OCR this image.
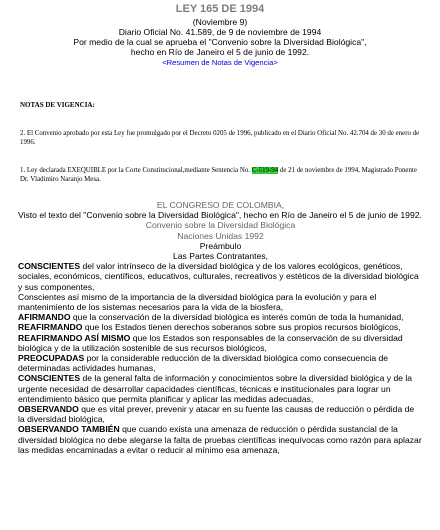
LEY 165 DE 1994
(Noviembre 9)
Diario Oficial No. 41.589, de 9 de noviembre de 1994
Por medio de la cual se aprueba el "Convenio sobre la Diversidad Biológica",
hecho en Río de Janeiro el 5 de junio de 1992.
<Resumen de Notas de Vigencia>
NOTAS DE VIGENCIA:
2. El Convenio aprobado por esta Ley fue promulgado por el Decreto 0205 de 1996, publicado en el Diario Oficial No. 42.704 de 30 de enero de 1996.
1. Ley declarada EXEQUIBLE por la Corte Constitucional,mediante Sentencia No. C-519-94 de 21 de noviembre de 1994, Magistrado Ponente Dr. Vladimiro Naranjo Mesa.

EL CONGRESO DE COLOMBIA,

Visto el texto del "Convenio sobre la Diversidad Biológica", hecho en Río de Janeiro el 5 de junio de 1992.

Convenio sobre la Diversidad Biológica

Naciones Unidas 1992

Preámbulo

Las Partes Contratantes,

CONSCIENTES del valor intrínseco de la diversidad biológica y de los valores ecológicos, genéticos, sociales, económicos, científicos, educativos, culturales, recreativos y estéticos de la diversidad biológica y sus componentes,

Conscientes así mismo de la importancia de la diversidad biológica para la evolución y para el mantenimiento de los sistemas necesarios para la vida de la biosfera,

AFIRMANDO que la conservación de la diversidad biológica es interés común de toda la humanidad,

REAFIRMANDO que los Estados tienen derechos soberanos sobre sus propios recursos biológicos,

REAFIRMANDO ASÍ MISMO que los Estados son responsables de la conservación de su diversidad biológica y de la utilización sostenible de sus recursos biológicos,

PREOCUPADAS por la considerable reducción de la diversidad biológica como consecuencia de determinadas actividades humanas,

CONSCIENTES de la general falta de información y conocimientos sobre la diversidad biológica y de la urgente necesidad de desarrollar capacidades científicas, técnicas e institucionales para lograr un entendimiento básico que permita planificar y aplicar las medidas adecuadas,

OBSERVANDO que es vital prever, prevenir y atacar en su fuente las causas de reducción o pérdida de la diversidad biológica,

OBSERVANDO TAMBIÉN que cuando exista una amenaza de reducción o pérdida sustancial de la diversidad biológica no debe alegarse la falta de pruebas científicas inequívocas como razón para aplazar las medidas encaminadas a evitar o reducir al mínimo esa amenaza,
